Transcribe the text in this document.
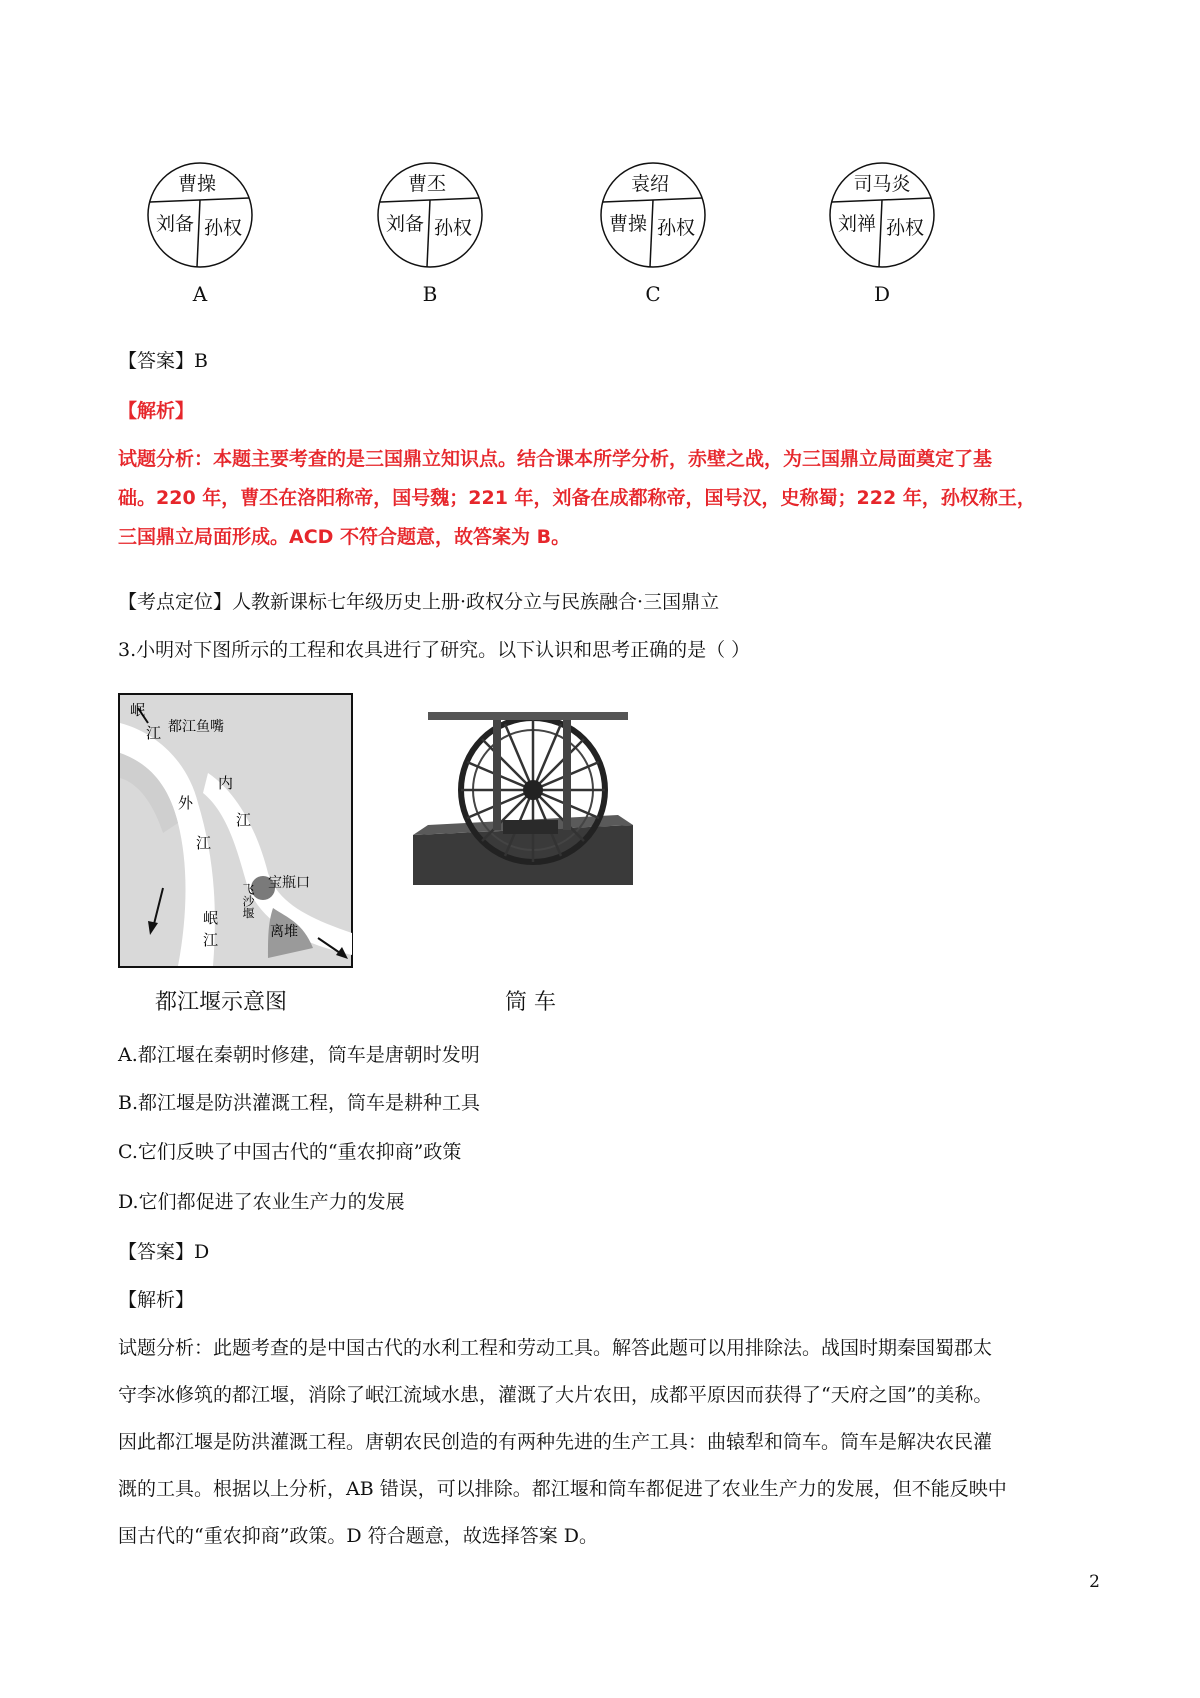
曹操
刘备 孙权
A
曹丕
刘备 孙权
B
袁绍
曹操 孙权
C
司马炎
刘禅 孙权
D
【答案】B
【解析】
试题分析：本题主要考查的是三国鼎立知识点。结合课本所学分析，赤壁之战，为三国鼎立局面奠定了基
础。220 年，曹丕在洛阳称帝，国号魏；221 年，刘备在成都称帝，国号汉，史称蜀；222 年，孙权称王，
三国鼎立局面形成。ACD 不符合题意，故答案为 B。
【考点定位】人教新课标七年级历史上册·政权分立与民族融合·三国鼎立
3.小明对下图所示的工程和农具进行了研究。以下认识和思考正确的是（ ）
岷
江 都江鱼嘴
内
外
江
江
飞沙堰 宝瓶口
岷
江	离堆
都江堰示意图	筒 车
A.都江堰在秦朝时修建，筒车是唐朝时发明
B.都江堰是防洪灌溉工程，筒车是耕种工具
C.它们反映了中国古代的“重农抑商”政策
D.它们都促进了农业生产力的发展
【答案】D
【解析】
试题分析：此题考查的是中国古代的水利工程和劳动工具。解答此题可以用排除法。战国时期秦国蜀郡太
守李冰修筑的都江堰，消除了岷江流域水患，灌溉了大片农田，成都平原因而获得了“天府之国”的美称。
因此都江堰是防洪灌溉工程。唐朝农民创造的有两种先进的生产工具：曲辕犁和筒车。筒车是解决农民灌
溉的工具。根据以上分析，AB 错误，可以排除。都江堰和筒车都促进了农业生产力的发展，但不能反映中
国古代的“重农抑商”政策。D 符合题意，故选择答案 D。
2
